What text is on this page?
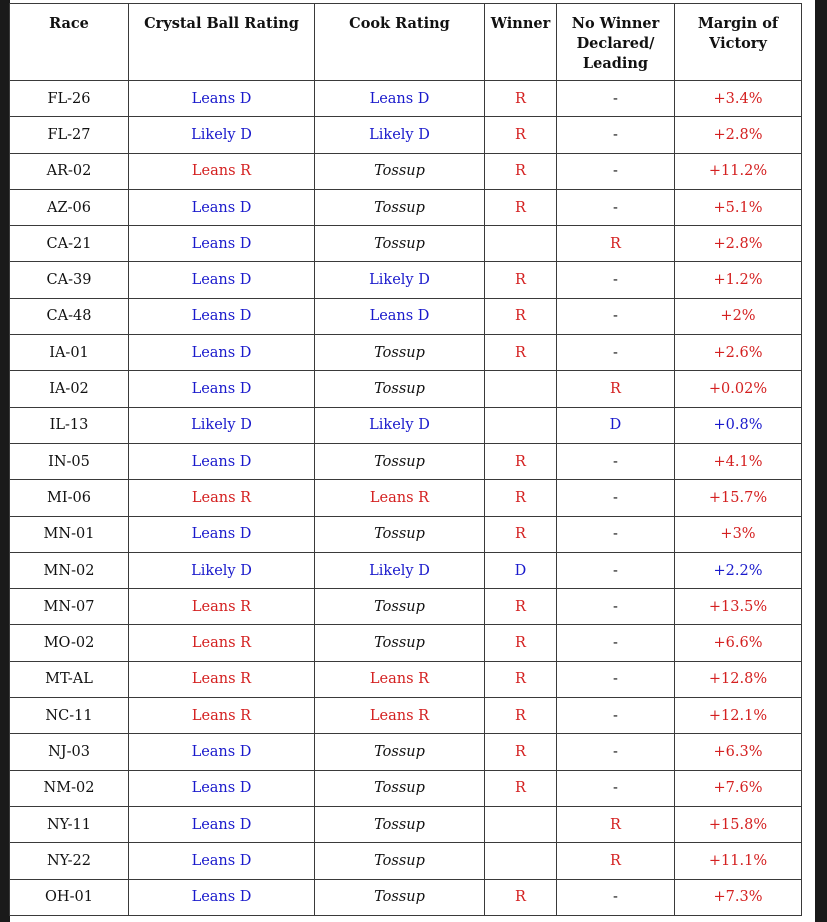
Race	Crystal Ball Rating	Cook Rating	Winner	No Winner Declared/ Leading	Margin of Victory
FL-26	Leans D	Leans D	R	-	+3.4%
FL-27	Likely D	Likely D	R	-	+2.8%
AR-02	Leans R	Tossup	R	-	+11.2%
AZ-06	Leans D	Tossup	R	-	+5.1%
CA-21	Leans D	Tossup		R	+2.8%
CA-39	Leans D	Likely D	R	-	+1.2%
CA-48	Leans D	Leans D	R	-	+2%
IA-01	Leans D	Tossup	R	-	+2.6%
IA-02	Leans D	Tossup		R	+0.02%
IL-13	Likely D	Likely D		D	+0.8%
IN-05	Leans D	Tossup	R	-	+4.1%
MI-06	Leans R	Leans R	R	-	+15.7%
MN-01	Leans D	Tossup	R	-	+3%
MN-02	Likely D	Likely D	D	-	+2.2%
MN-07	Leans R	Tossup	R	-	+13.5%
MO-02	Leans R	Tossup	R	-	+6.6%
MT-AL	Leans R	Leans R	R	-	+12.8%
NC-11	Leans R	Leans R	R	-	+12.1%
NJ-03	Leans D	Tossup	R	-	+6.3%
NM-02	Leans D	Tossup	R	-	+7.6%
NY-11	Leans D	Tossup		R	+15.8%
NY-22	Leans D	Tossup		R	+11.1%
OH-01	Leans D	Tossup	R	-	+7.3%
